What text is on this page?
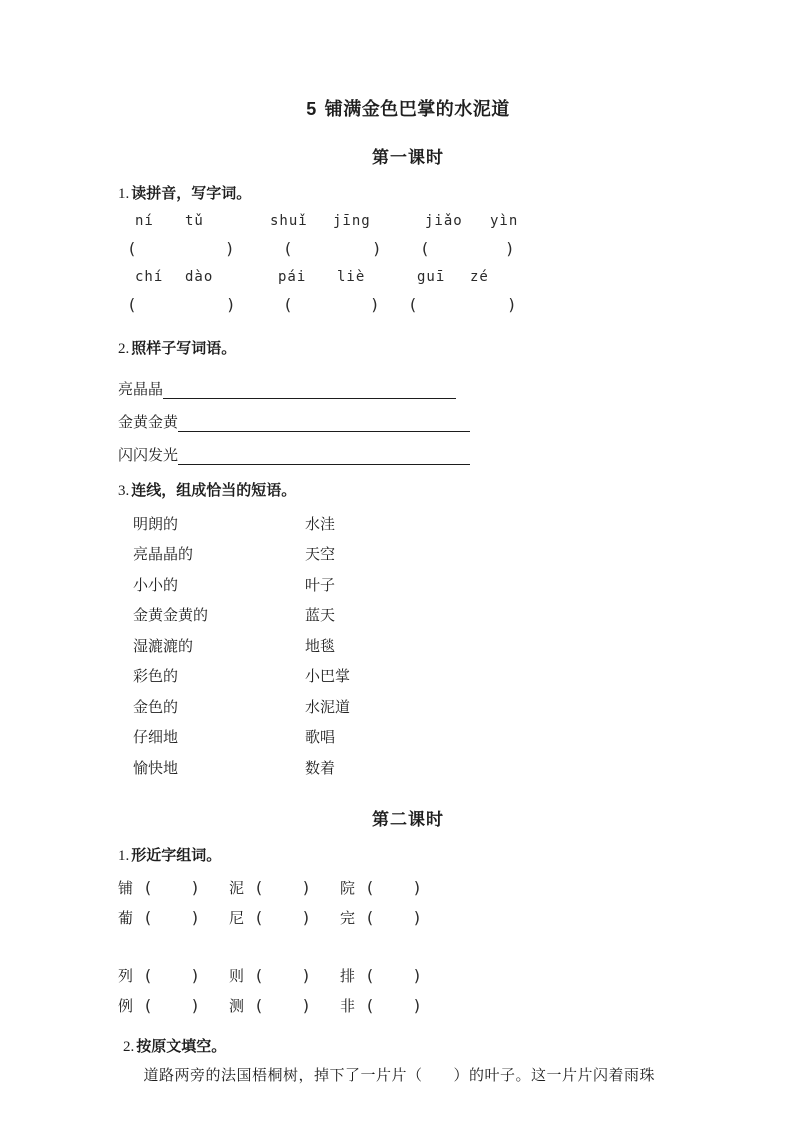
5 铺满金色巴掌的水泥道
第一课时
1. 读拼音，写字词。
ní tǔ	shuǐ jīng	jiǎo yìn
(	)	(	) (	)
chí dào	pái liè	guī zé
(	)	(	) (	)
2. 照样子写词语。
亮晶晶
金黄金黄
闪闪发光
3. 连线，组成恰当的短语。
明朗的	水洼
亮晶晶的	天空
小小的	叶子
金黄金黄的	蓝天
湿漉漉的	地毯
彩色的	小巴掌
金色的	水泥道
仔细地	歌唱
愉快地	数着
第二课时
1. 形近字组词。
铺 ( ) 泥 ( ) 院 ( )
葡 ( ) 尼 ( ) 完 ( )
列 ( ) 则 ( ) 排 ( )
例 ( ) 测 ( ) 非 ( )
2. 按原文填空。

道路两旁的法国梧桐树，掉下了一片片（　　）的叶子。这一片片闪着雨珠
